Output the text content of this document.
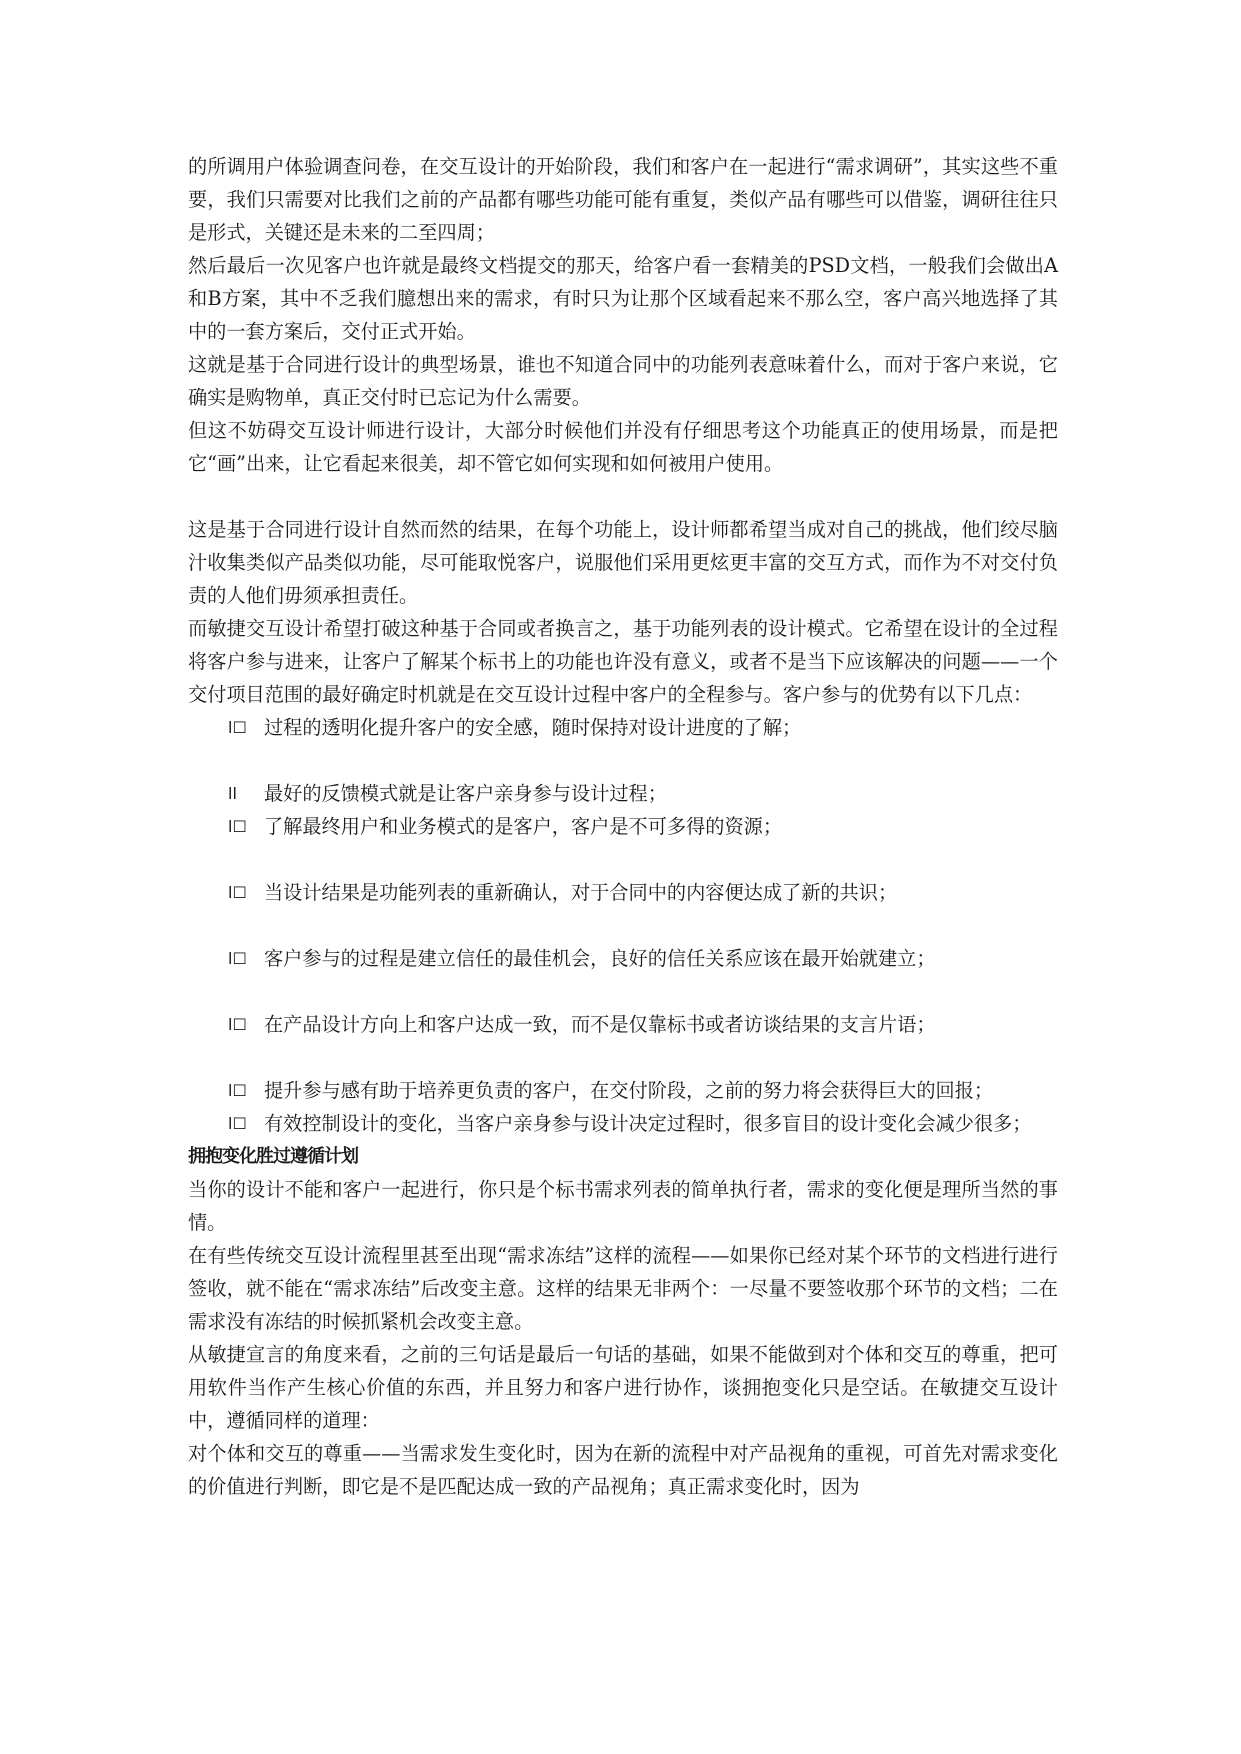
的所调用户体验调查问卷，在交互设计的开始阶段，我们和客户在一起进行“需求调研”，其实这些不重要，我们只需要对比我们之前的产品都有哪些功能可能有重复，类似产品有哪些可以借鉴，调研往往只是形式，关键还是未来的二至四周；

然后最后一次见客户也许就是最终文档提交的那天，给客户看一套精美的PSD文档，一般我们会做出A和B方案，其中不乏我们臆想出来的需求，有时只为让那个区域看起来不那么空，客户高兴地选择了其中的一套方案后，交付正式开始。

这就是基于合同进行设计的典型场景，谁也不知道合同中的功能列表意味着什么，而对于客户来说，它确实是购物单，真正交付时已忘记为什么需要。

但这不妨碍交互设计师进行设计，大部分时候他们并没有仔细思考这个功能真正的使用场景，而是把它“画”出来，让它看起来很美，却不管它如何实现和如何被用户使用。

这是基于合同进行设计自然而然的结果，在每个功能上，设计师都希望当成对自己的挑战，他们绞尽脑汁收集类似产品类似功能，尽可能取悦客户，说服他们采用更炫更丰富的交互方式，而作为不对交付负责的人他们毋须承担责任。

而敏捷交互设计希望打破这种基于合同或者换言之，基于功能列表的设计模式。它希望在设计的全过程将客户参与进来，让客户了解某个标书上的功能也许没有意义，或者不是当下应该解决的问题——一个交付项目范围的最好确定时机就是在交互设计过程中客户的全程参与。客户参与的优势有以下几点：

l☐ 过程的透明化提升客户的安全感，随时保持对设计进度的了解；
ll 最好的反馈模式就是让客户亲身参与设计过程；
l☐ 了解最终用户和业务模式的是客户，客户是不可多得的资源；
l☐ 当设计结果是功能列表的重新确认，对于合同中的内容便达成了新的共识；
l☐ 客户参与的过程是建立信任的最佳机会，良好的信任关系应该在最开始就建立；
l☐ 在产品设计方向上和客户达成一致，而不是仅靠标书或者访谈结果的支言片语；
l☐ 提升参与感有助于培养更负责的客户，在交付阶段，之前的努力将会获得巨大的回报；
l☐ 有效控制设计的变化，当客户亲身参与设计决定过程时，很多盲目的设计变化会减少很多；

拥抱变化胜过遵循计划

当你的设计不能和客户一起进行，你只是个标书需求列表的简单执行者，需求的变化便是理所当然的事情。

在有些传统交互设计流程里甚至出现“需求冻结”这样的流程——如果你已经对某个环节的文档进行进行签收，就不能在“需求冻结”后改变主意。这样的结果无非两个：一尽量不要签收那个环节的文档；二在需求没有冻结的时候抓紧机会改变主意。

从敏捷宣言的角度来看，之前的三句话是最后一句话的基础，如果不能做到对个体和交互的尊重，把可用软件当作产生核心价值的东西，并且努力和客户进行协作，谈拥抱变化只是空话。在敏捷交互设计中，遵循同样的道理：

对个体和交互的尊重——当需求发生变化时，因为在新的流程中对产品视角的重视，可首先对需求变化的价值进行判断，即它是不是匹配达成一致的产品视角；真正需求变化时，因为
